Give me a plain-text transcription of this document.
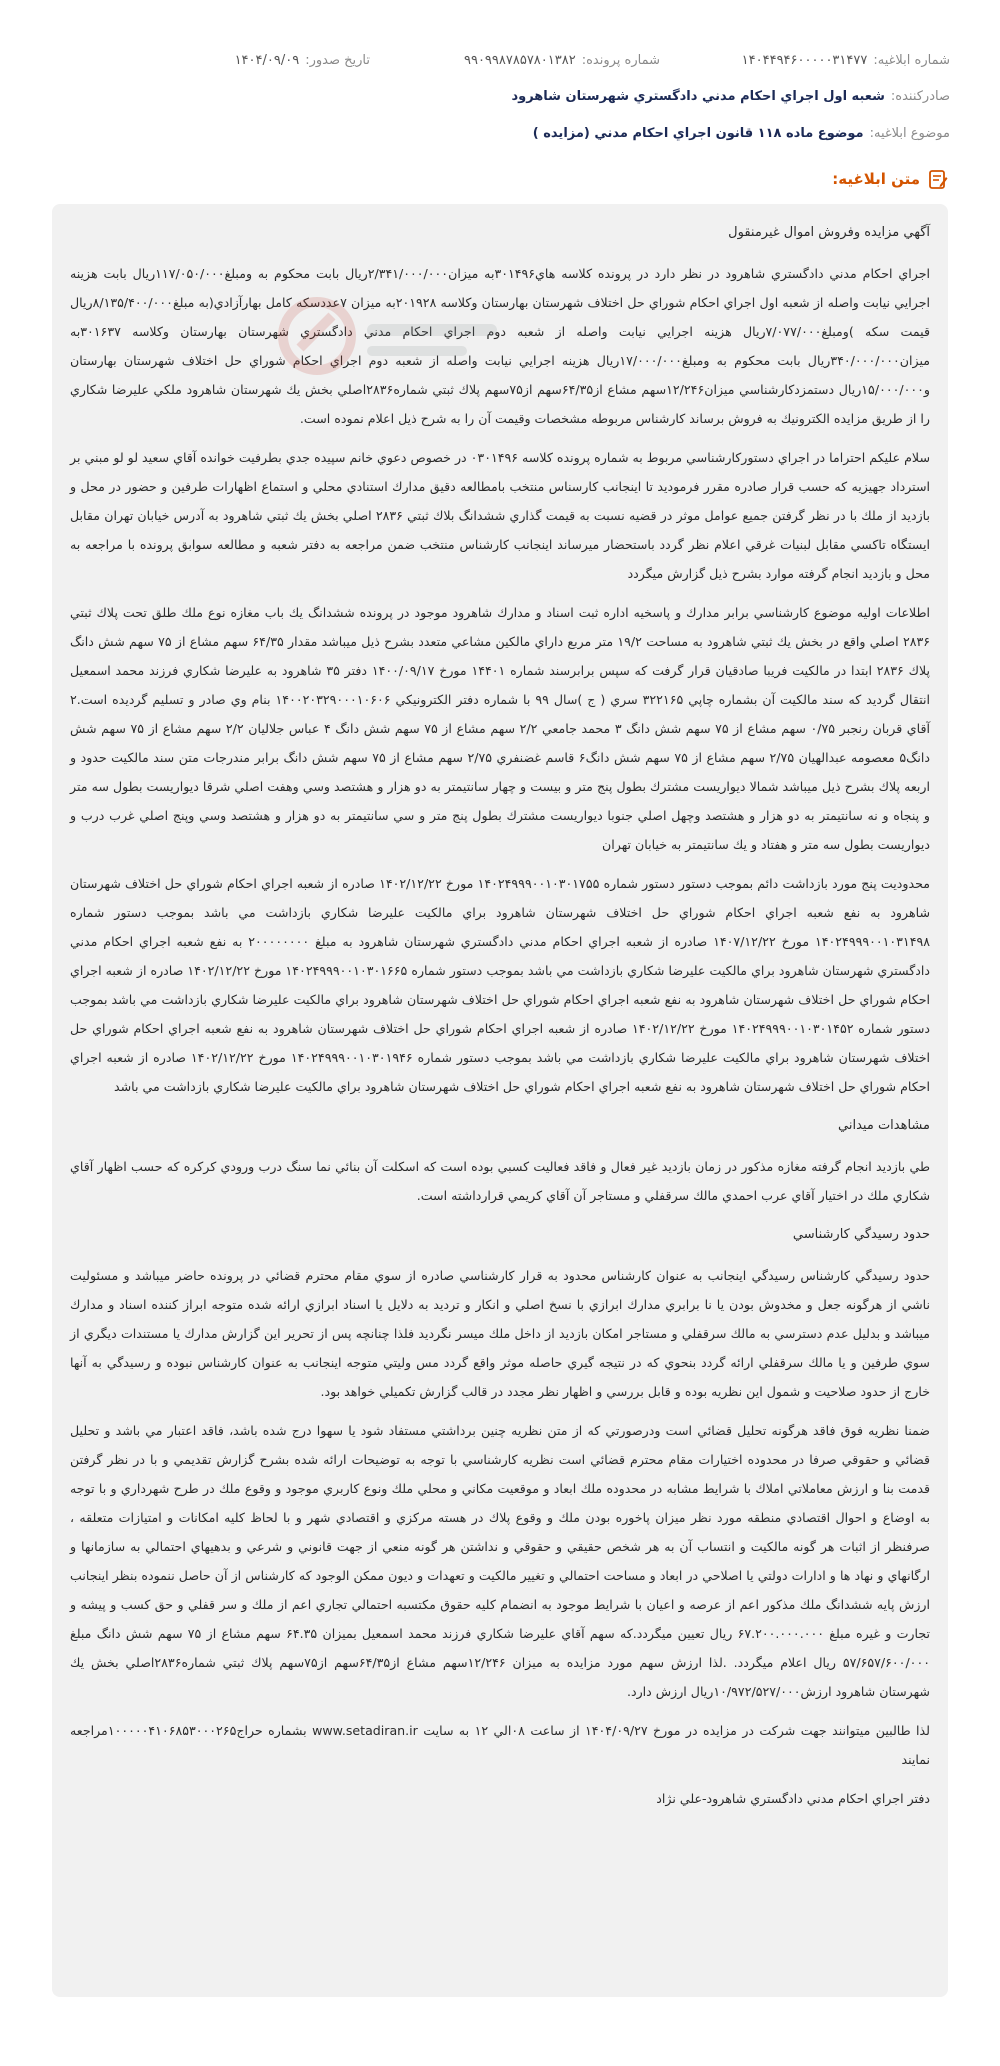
شماره ابلاغیه:
۱۴۰۴۴۹۴۶۰۰۰۰۰۳۱۴۷۷
شماره پرونده:
۹۹۰۹۹۸۷۸۵۷۸۰۱۳۸۲
تاریخ صدور:
۱۴۰۴/۰۹/۰۹
صادرکننده:
شعبه اول اجراي احكام مدني دادگستري شهرستان شاهرود
موضوع ابلاغیه:
موضوع ماده ۱۱۸ قانون اجراي احكام مدني (مزايده )
متن ابلاغیه:

آگهي مزايده وفروش اموال غيرمنقول

اجراي احكام مدني دادگستري شاهرود در نظر دارد در پرونده كلاسه هاي۳۰۱۴۹۶به ميزان۲/۳۴۱/۰۰۰/۰۰۰ريال بابت محكوم به ومبلغ۱۱۷/۰۵۰/۰۰۰ريال بابت هزينه اجرايي نيابت واصله از شعبه اول اجراي احكام شوراي حل اختلاف شهرستان بهارستان وكلاسه ۲۰۱۹۲۸به ميزان ۷عددسكه كامل بهارآزادي(به مبلغ۸/۱۳۵/۴۰۰/۰۰۰ريال قيمت سكه )ومبلغ۷/۰۷۷/۰۰۰ريال هزينه اجرايي نيابت واصله از شعبه دوم اجراي احكام مدني دادگستري شهرستان بهارستان وكلاسه ۳۰۱۶۳۷به ميزان۳۴۰/۰۰۰/۰۰۰ريال بابت محكوم به ومبلغ۱۷/۰۰۰/۰۰۰ريال هزينه اجرايي نيابت واصله از شعبه دوم اجراي احكام شوراي حل اختلاف شهرستان بهارستان و۱۵/۰۰۰/۰۰۰ريال دستمزدكارشناسي ميزان۱۲/۲۴۶سهم مشاع از۶۴/۳۵سهم از۷۵سهم پلاك ثبتي شماره۲۸۳۶اصلي بخش يك شهرستان شاهرود ملكي عليرضا شكاري را از طريق مزايده الكترونيك به فروش برساند كارشناس مربوطه مشخصات وقيمت آن را به شرح ذيل اعلام نموده است.

سلام عليكم احتراما در اجراي دستوركارشناسي مربوط به شماره پرونده كلاسه ۰۳۰۱۴۹۶ در خصوص دعوي خانم سپيده جدي بطرفيت خوانده آقاي سعيد لو لو مبني بر استرداد جهيزيه كه حسب قرار صادره مقرر فرموديد تا اينجانب كارسناس منتخب بامطالعه دقيق مدارك استنادي محلي و استماع اظهارات طرفين و حضور در محل و بازديد از ملك با در نظر گرفتن جميع عوامل موثر در قضيه نسبت به قيمت گذاري ششدانگ بلاك ثبتي ۲۸۳۶ اصلي بخش يك ثبتي شاهرود به آدرس خيابان تهران مقابل ايستگاه تاكسي مقابل لبنيات غرقي اعلام نظر گردد باستحضار ميرساند اينجانب كارشناس منتخب ضمن مراجعه به دفتر شعبه و مطالعه سوابق پرونده با مراجعه به محل و بازديد انجام گرفته موارد بشرح ذيل گزارش ميگردد

اطلاعات اوليه موضوع كارشناسي برابر مدارك و پاسخيه اداره ثبت اسناد و مدارك شاهرود موجود در پرونده ششدانگ يك باب مغازه نوع ملك طلق تحت پلاك ثبتي ۲۸۳۶ اصلي واقع در بخش يك ثبتي شاهرود به مساحت ۱۹/۲ متر مربع داراي مالكين مشاعي متعدد بشرح ذيل ميباشد مقدار ۶۴/۳۵ سهم مشاع از ۷۵ سهم شش دانگ پلاك ۲۸۳۶ ابتدا در مالكيت فريبا صادقيان قرار گرفت كه سپس برابرسند شماره ۱۴۴۰۱ مورخ ۱۴۰۰/۰۹/۱۷ دفتر ۳۵ شاهرود به عليرضا شكاري فرزند محمد اسمعيل انتقال گرديد كه سند مالكيت آن بشماره چاپي ۳۲۲۱۶۵ سري ( ج )سال ۹۹ با شماره دفتر الكترونيكي ۱۴۰۰۲۰۳۲۹۰۰۰۱۰۶۰۶ بنام وي صادر و تسليم گرديده است.۲ آقاي قربان رنجبر ۰/۷۵ سهم مشاع از ۷۵ سهم شش دانگ ۳ محمد جامعي ۲/۲ سهم مشاع از ۷۵ سهم شش دانگ ۴ عباس جلاليان ۲/۲ سهم مشاع از ۷۵ سهم شش دانگ۵ معصومه عبدالهيان ۲/۷۵ سهم مشاع از ۷۵ سهم شش دانگ۶ قاسم غضنفري ۲/۷۵ سهم مشاع از ۷۵ سهم شش دانگ برابر مندرجات متن سند مالكيت حدود و اربعه پلاك بشرح ذيل ميباشد شمالا ديواريست مشترك بطول پنج متر و بيست و چهار سانتيمتر به دو هزار و هشتصد وسي وهفت اصلي شرقا ديواريست بطول سه متر و پنجاه و نه سانتيمتر به دو هزار و هشتصد وچهل اصلي جنوبا ديواريست مشترك بطول پنج متر و سي سانتيمتر به دو هزار و هشتصد وسي وپنج اصلي غرب درب و ديواريست بطول سه متر و هفتاد و يك سانتيمتر به خيابان تهران

محدوديت پنج مورد بازداشت دائم بموجب دستور دستور شماره ۱۴۰۲۴۹۹۹۰۰۱۰۳۰۱۷۵۵ مورخ ۱۴۰۲/۱۲/۲۲ صادره از شعبه اجراي احكام شوراي حل اختلاف شهرستان شاهرود به نفع شعبه اجراي احكام شوراي حل اختلاف شهرستان شاهرود براي مالكيت عليرضا شكاري بازداشت مي باشد بموجب دستور شماره ۱۴۰۲۴۹۹۹۰۰۱۰۳۱۴۹۸ مورخ ۱۴۰۷/۱۲/۲۲ صادره از شعبه اجراي احكام مدني دادگستري شهرستان شاهرود به مبلغ ۲۰۰۰۰۰۰۰۰ به نفع شعبه اجراي احكام مدني دادگستري شهرستان شاهرود براي مالكيت عليرضا شكاري بازداشت مي باشد بموجب دستور شماره ۱۴۰۲۴۹۹۹۰۰۱۰۳۰۱۶۶۵ مورخ ۱۴۰۲/۱۲/۲۲ صادره از شعبه اجراي احكام شوراي حل اختلاف شهرستان شاهرود به نفع شعبه اجراي احكام شوراي حل اختلاف شهرستان شاهرود براي مالكيت عليرضا شكاري بازداشت مي باشد بموجب دستور شماره ۱۴۰۲۴۹۹۹۰۰۱۰۳۰۱۴۵۲ مورخ ۱۴۰۲/۱۲/۲۲ صادره از شعبه اجراي احكام شوراي حل اختلاف شهرستان شاهرود به نفع شعبه اجراي احكام شوراي حل اختلاف شهرستان شاهرود براي مالكيت عليرضا شكاري بازداشت مي باشد بموجب دستور شماره ۱۴۰۲۴۹۹۹۰۰۱۰۳۰۱۹۴۶ مورخ ۱۴۰۲/۱۲/۲۲ صادره از شعبه اجراي احكام شوراي حل اختلاف شهرستان شاهرود به نفع شعبه اجراي احكام شوراي حل اختلاف شهرستان شاهرود براي مالكيت عليرضا شكاري بازداشت مي باشد

مشاهدات ميداني

طي بازديد انجام گرفته مغازه مذكور در زمان بازديد غير فعال و فاقد فعاليت كسبي بوده است كه اسكلت آن بنائي نما سنگ درب ورودي كركره كه حسب اظهار آقاي شكاري ملك در اختيار آقاي عرب احمدي مالك سرقفلي و مستاجر آن آقاي كريمي قرارداشته است.

حدود رسيدگي كارشناسي

حدود رسيدگي كارشناس رسيدگي اينجانب به عنوان كارشناس محدود به قرار كارشناسي صادره از سوي مقام محترم قضائي در پرونده حاضر ميباشد و مسئوليت ناشي از هرگونه جعل و مخدوش بودن يا نا برابري مدارك ابرازي با نسخ اصلي و انكار و ترديد به دلايل يا اسناد ابرازي ارائه شده متوجه ابراز كننده اسناد و مدارك ميباشد و بدليل عدم دسترسي به مالك سرقفلي و مستاجر امكان بازديد از داخل ملك ميسر نگرديد فلذا چنانچه پس از تحرير اين گزارش مدارك يا مستندات ديگري از سوي طرفين و يا مالك سرقفلي ارائه گردد بنحوي كه در نتيجه گيري حاصله موثر واقع گردد مس وليتي متوجه اينجانب به عنوان كارشناس نبوده و رسيدگي به آنها خارج از حدود صلاحيت و شمول اين نظريه بوده و قابل بررسي و اظهار نظر مجدد در قالب گزارش تكميلي خواهد بود.

ضمنا نظريه فوق فاقد هرگونه تحليل قضائي است ودرصورتي كه از متن نظريه چنين برداشتي مستفاد شود يا سهوا درج شده باشد، فاقد اعتبار مي باشد و تحليل قضائي و حقوقي صرفا در محدوده اختيارات مقام محترم قضائي است نظريه كارشناسي با توجه به توضيحات ارائه شده بشرح گزارش تقديمي و با در نظر گرفتن قدمت بنا و ارزش معاملاتي املاك با شرايط مشابه در محدوده ملك ابعاد و موقعيت مكاني و محلي ملك ونوع كاربري موجود و وقوع ملك در طرح شهرداري و با توجه به اوضاع و احوال اقتصادي منطقه مورد نظر ميزان پاخوره بودن ملك و وقوع پلاك در هسته مركزي و اقتصادي شهر و با لحاظ كليه امكانات و امتيازات متعلقه ، صرفنظر از اثبات هر گونه مالكيت و انتساب آن به هر شخص حقيقي و حقوقي و نداشتن هر گونه منعي از جهت قانوني و شرعي و بدهيهاي احتمالي به سازمانها و ارگانهاي و نهاد ها و ادارات دولتي يا اصلاحي در ابعاد و مساحت احتمالي و تغيير مالكيت و تعهدات و ديون ممكن الوجود كه كارشناس از آن حاصل ننموده بنظر اينجانب ارزش پايه ششدانگ ملك مذكور اعم از عرصه و اعيان با شرايط موجود به انضمام كليه حقوق مكتسبه احتمالي تجاري اعم از ملك و سر قفلي و حق كسب و پيشه و تجارت و غيره مبلغ ۶۷.۲۰۰.۰۰۰.۰۰۰ ريال تعيين ميگردد.كه سهم آقاي عليرضا شكاري فرزند محمد اسمعيل بميزان ۶۴.۳۵ سهم مشاع از ۷۵ سهم شش دانگ مبلغ ۵۷/۶۵۷/۶۰۰/۰۰۰ ريال اعلام ميگردد. .لذا ارزش سهم مورد مزايده به ميزان ۱۲/۲۴۶سهم مشاع از۶۴/۳۵سهم از۷۵سهم پلاك ثبتي شماره۲۸۳۶اصلي بخش يك شهرستان شاهرود ارزش۱۰/۹۷۲/۵۲۷/۰۰۰ريال ارزش دارد.

لذا طالبين ميتوانند جهت شركت در مزايده در مورخ ۱۴۰۴/۰۹/۲۷ از ساعت ۰۸الي ۱۲ به سايت www.setadiran.ir بشماره حراج۱۰۰۰۰۰۴۱۰۶۸۵۳۰۰۰۲۶۵مراجعه نمايند

دفتر اجراي احكام مدني دادگستري شاهرود-علي نژاد
